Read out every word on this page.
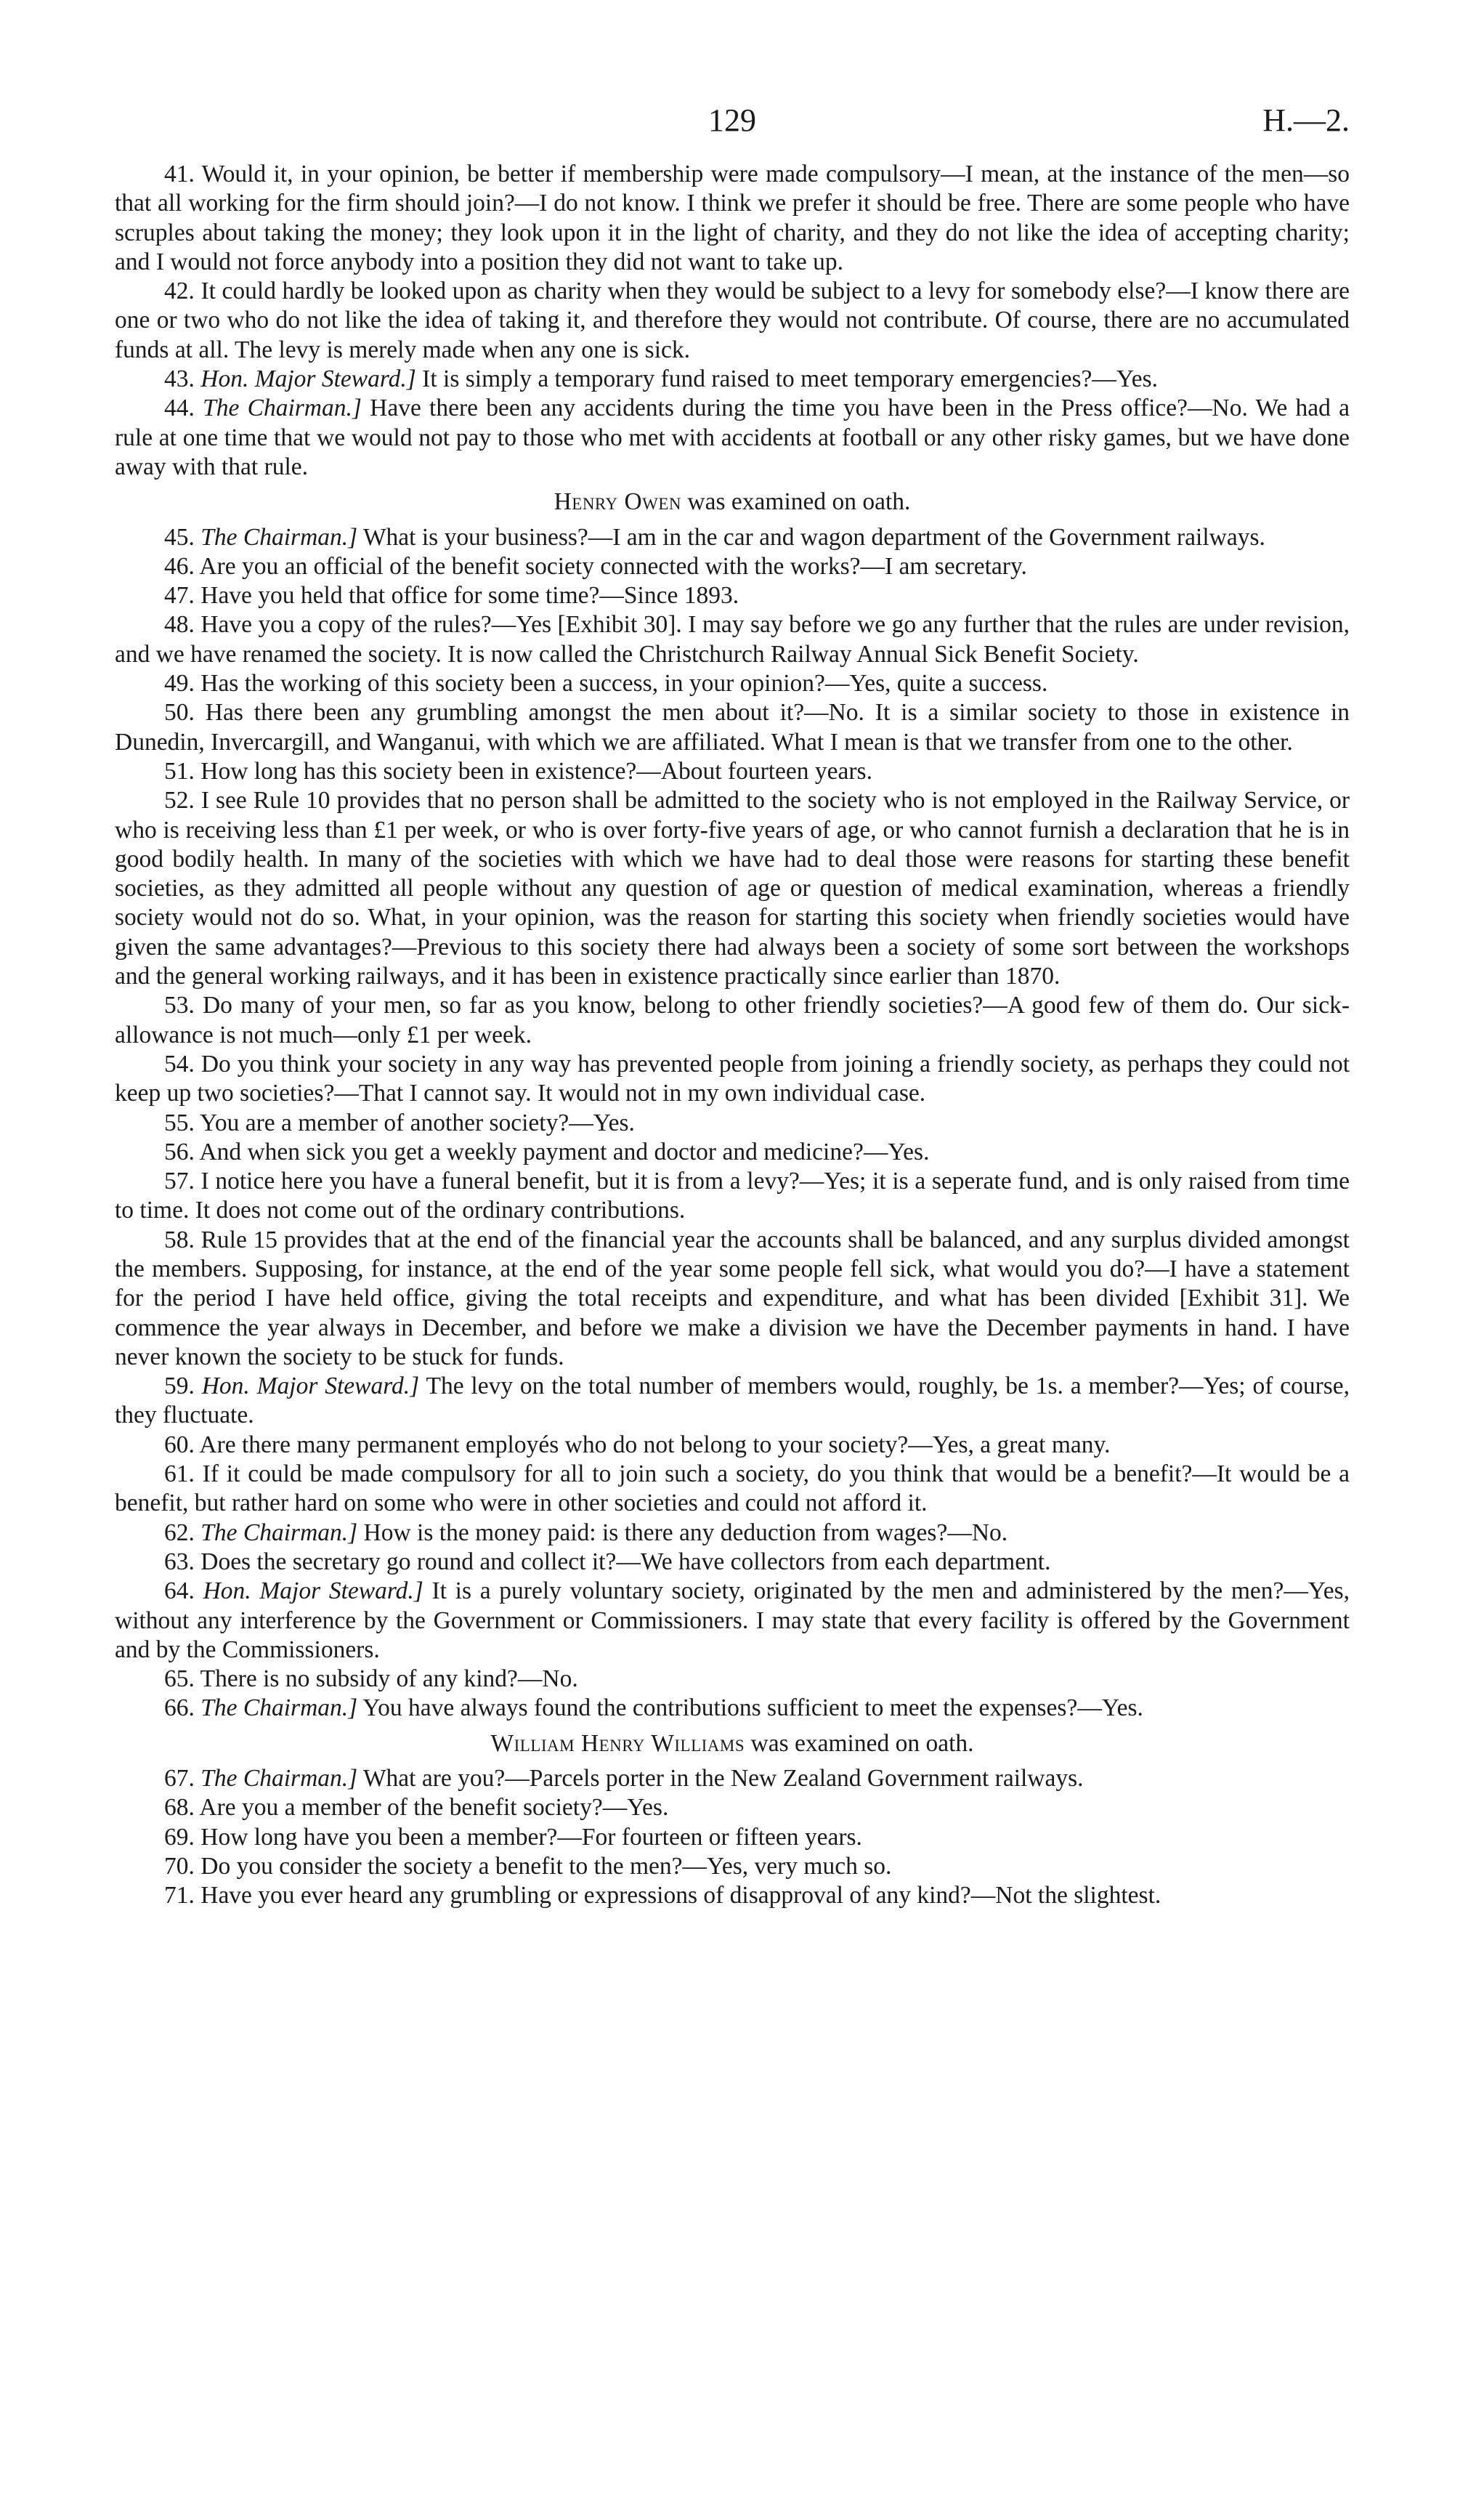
129	H.—2.

41. Would it, in your opinion, be better if membership were made compulsory—I mean, at the instance of the men—so that all working for the firm should join?—I do not know. I think we prefer it should be free. There are some people who have scruples about taking the money; they look upon it in the light of charity, and they do not like the idea of accepting charity; and I would not force anybody into a position they did not want to take up.

42. It could hardly be looked upon as charity when they would be subject to a levy for somebody else?—I know there are one or two who do not like the idea of taking it, and therefore they would not contribute. Of course, there are no accumulated funds at all. The levy is merely made when any one is sick.

43. Hon. Major Steward.] It is simply a temporary fund raised to meet temporary emergencies?—Yes.

44. The Chairman.] Have there been any accidents during the time you have been in the Press office?—No. We had a rule at one time that we would not pay to those who met with accidents at football or any other risky games, but we have done away with that rule.

Henry Owen was examined on oath.

45. The Chairman.] What is your business?—I am in the car and wagon department of the Government railways.

46. Are you an official of the benefit society connected with the works?—I am secretary.

47. Have you held that office for some time?—Since 1893.

48. Have you a copy of the rules?—Yes [Exhibit 30]. I may say before we go any further that the rules are under revision, and we have renamed the society. It is now called the Christchurch Railway Annual Sick Benefit Society.

49. Has the working of this society been a success, in your opinion?—Yes, quite a success.

50. Has there been any grumbling amongst the men about it?—No. It is a similar society to those in existence in Dunedin, Invercargill, and Wanganui, with which we are affiliated. What I mean is that we transfer from one to the other.

51. How long has this society been in existence?—About fourteen years.

52. I see Rule 10 provides that no person shall be admitted to the society who is not employed in the Railway Service, or who is receiving less than £1 per week, or who is over forty-five years of age, or who cannot furnish a declaration that he is in good bodily health. In many of the societies with which we have had to deal those were reasons for starting these benefit societies, as they admitted all people without any question of age or question of medical examination, whereas a friendly society would not do so. What, in your opinion, was the reason for starting this society when friendly societies would have given the same advantages?—Previous to this society there had always been a society of some sort between the workshops and the general working railways, and it has been in existence practically since earlier than 1870.

53. Do many of your men, so far as you know, belong to other friendly societies?—A good few of them do. Our sick-allowance is not much—only £1 per week.

54. Do you think your society in any way has prevented people from joining a friendly society, as perhaps they could not keep up two societies?—That I cannot say. It would not in my own individual case.

55. You are a member of another society?—Yes.

56. And when sick you get a weekly payment and doctor and medicine?—Yes.

57. I notice here you have a funeral benefit, but it is from a levy?—Yes; it is a seperate fund, and is only raised from time to time. It does not come out of the ordinary contributions.

58. Rule 15 provides that at the end of the financial year the accounts shall be balanced, and any surplus divided amongst the members. Supposing, for instance, at the end of the year some people fell sick, what would you do?—I have a statement for the period I have held office, giving the total receipts and expenditure, and what has been divided [Exhibit 31]. We commence the year always in December, and before we make a division we have the December payments in hand. I have never known the society to be stuck for funds.

59. Hon. Major Steward.] The levy on the total number of members would, roughly, be 1s. a member?—Yes; of course, they fluctuate.

60. Are there many permanent employés who do not belong to your society?—Yes, a great many.

61. If it could be made compulsory for all to join such a society, do you think that would be a benefit?—It would be a benefit, but rather hard on some who were in other societies and could not afford it.

62. The Chairman.] How is the money paid: is there any deduction from wages?—No.

63. Does the secretary go round and collect it?—We have collectors from each department.

64. Hon. Major Steward.] It is a purely voluntary society, originated by the men and administered by the men?—Yes, without any interference by the Government or Commissioners. I may state that every facility is offered by the Government and by the Commissioners.

65. There is no subsidy of any kind?—No.

66. The Chairman.] You have always found the contributions sufficient to meet the expenses?—Yes.

William Henry Williams was examined on oath.

67. The Chairman.] What are you?—Parcels porter in the New Zealand Government railways.

68. Are you a member of the benefit society?—Yes.

69. How long have you been a member?—For fourteen or fifteen years.

70. Do you consider the society a benefit to the men?—Yes, very much so.

71. Have you ever heard any grumbling or expressions of disapproval of any kind?—Not the slightest.
